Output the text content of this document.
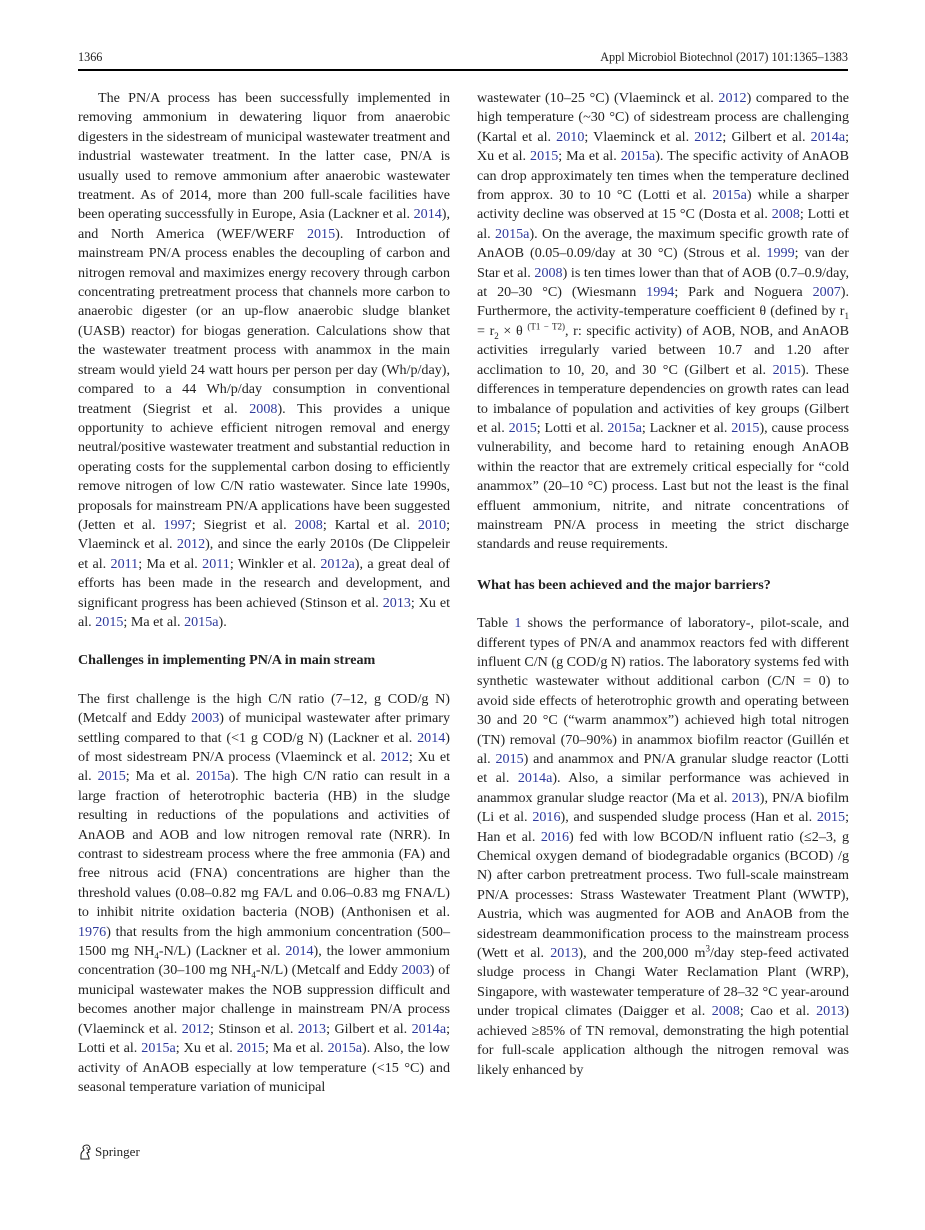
1366	Appl Microbiol Biotechnol (2017) 101:1365–1383

The PN/A process has been successfully implemented in removing ammonium in dewatering liquor from anaerobic digesters in the sidestream of municipal wastewater treatment and industrial wastewater treatment. In the latter case, PN/A is usually used to remove ammonium after anaerobic wastewater treatment. As of 2014, more than 200 full-scale facilities have been operating successfully in Europe, Asia (Lackner et al. 2014), and North America (WEF/WERF 2015). Introduction of mainstream PN/A process enables the decoupling of carbon and nitrogen removal and maximizes energy recovery through carbon concentrating pretreatment process that channels more carbon to anaerobic digester (or an up-flow anaerobic sludge blanket (UASB) reactor) for biogas generation. Calculations show that the wastewater treatment process with anammox in the main stream would yield 24 watt hours per person per day (Wh/p/day), compared to a 44 Wh/p/day consumption in conventional treatment (Siegrist et al. 2008). This provides a unique opportunity to achieve efficient nitrogen removal and energy neutral/positive wastewater treatment and substantial reduction in operating costs for the supplemental carbon dosing to efficiently remove nitrogen of low C/N ratio wastewater. Since late 1990s, proposals for mainstream PN/A applications have been suggested (Jetten et al. 1997; Siegrist et al. 2008; Kartal et al. 2010; Vlaeminck et al. 2012), and since the early 2010s (De Clippeleir et al. 2011; Ma et al. 2011; Winkler et al. 2012a), a great deal of efforts has been made in the research and development, and significant progress has been achieved (Stinson et al. 2013; Xu et al. 2015; Ma et al. 2015a).

Challenges in implementing PN/A in main stream

The first challenge is the high C/N ratio (7–12, g COD/g N) (Metcalf and Eddy 2003) of municipal wastewater after primary settling compared to that (<1 g COD/g N) (Lackner et al. 2014) of most sidestream PN/A process (Vlaeminck et al. 2012; Xu et al. 2015; Ma et al. 2015a). The high C/N ratio can result in a large fraction of heterotrophic bacteria (HB) in the sludge resulting in reductions of the populations and activities of AnAOB and AOB and low nitrogen removal rate (NRR). In contrast to sidestream process where the free ammonia (FA) and free nitrous acid (FNA) concentrations are higher than the threshold values (0.08–0.82 mg FA/L and 0.06–0.83 mg FNA/L) to inhibit nitrite oxidation bacteria (NOB) (Anthonisen et al. 1976) that results from the high ammonium concentration (500–1500 mg $NH_4-N/L$) (Lackner et al. 2014), the lower ammonium concentration (30–100 mg $NH_4-N/L$) (Metcalf and Eddy 2003) of municipal wastewater makes the NOB suppression difficult and becomes another major challenge in mainstream PN/A process (Vlaeminck et al. 2012; Stinson et al. 2013; Gilbert et al. 2014a; Lotti et al. 2015a; Xu et al. 2015; Ma et al. 2015a). Also, the low activity of AnAOB especially at low temperature (<15 °C) and seasonal temperature variation of municipal

wastewater (10–25 °C) (Vlaeminck et al. 2012) compared to the high temperature (~30 °C) of sidestream process are challenging (Kartal et al. 2010; Vlaeminck et al. 2012; Gilbert et al. 2014a; Xu et al. 2015; Ma et al. 2015a). The specific activity of AnAOB can drop approximately ten times when the temperature declined from approx. 30 to 10 °C (Lotti et al. 2015a) while a sharper activity decline was observed at 15 °C (Dosta et al. 2008; Lotti et al. 2015a). On the average, the maximum specific growth rate of AnAOB (0.05–0.09/day at 30 °C) (Strous et al. 1999; van der Star et al. 2008) is ten times lower than that of AOB (0.7–0.9/day, at 20–30 °C) (Wiesmann 1994; Park and Noguera 2007). Furthermore, the activity-temperature coefficient θ (defined by $r_1 = r_2 \times \theta$ $^{(T1 - T2)}$, r: specific activity) of AOB, NOB, and AnAOB activities irregularly varied between 10.7 and 1.20 after acclimation to 10, 20, and 30 °C (Gilbert et al. 2015). These differences in temperature dependencies on growth rates can lead to imbalance of population and activities of key groups (Gilbert et al. 2015; Lotti et al. 2015a; Lackner et al. 2015), cause process vulnerability, and become hard to retaining enough AnAOB within the reactor that are extremely critical especially for “cold anammox” (20–10 °C) process. Last but not the least is the final effluent ammonium, nitrite, and nitrate concentrations of mainstream PN/A process in meeting the strict discharge standards and reuse requirements.

What has been achieved and the major barriers?

Table 1 shows the performance of laboratory-, pilot-scale, and different types of PN/A and anammox reactors fed with different influent C/N (g COD/g N) ratios. The laboratory systems fed with synthetic wastewater without additional carbon (C/N = 0) to avoid side effects of heterotrophic growth and operating between 30 and 20 °C (“warm anammox”) achieved high total nitrogen (TN) removal (70–90%) in anammox biofilm reactor (Guillén et al. 2015) and anammox and PN/A granular sludge reactor (Lotti et al. 2014a). Also, a similar performance was achieved in anammox granular sludge reactor (Ma et al. 2013), PN/A biofilm (Li et al. 2016), and suspended sludge process (Han et al. 2015; Han et al. 2016) fed with low BCOD/N influent ratio (≤2–3, g Chemical oxygen demand of biodegradable organics (BCOD) /g N) after carbon pretreatment process. Two full-scale mainstream PN/A processes: Strass Wastewater Treatment Plant (WWTP), Austria, which was augmented for AOB and AnAOB from the sidestream deammonification process to the mainstream process (Wett et al. 2013), and the 200,000 $m^3$/day step-feed activated sludge process in Changi Water Reclamation Plant (WRP), Singapore, with wastewater temperature of 28–32 °C year-around under tropical climates (Daigger et al. 2008; Cao et al. 2013) achieved ≥85% of TN removal, demonstrating the high potential for full-scale application although the nitrogen removal was likely enhanced by

Springer
